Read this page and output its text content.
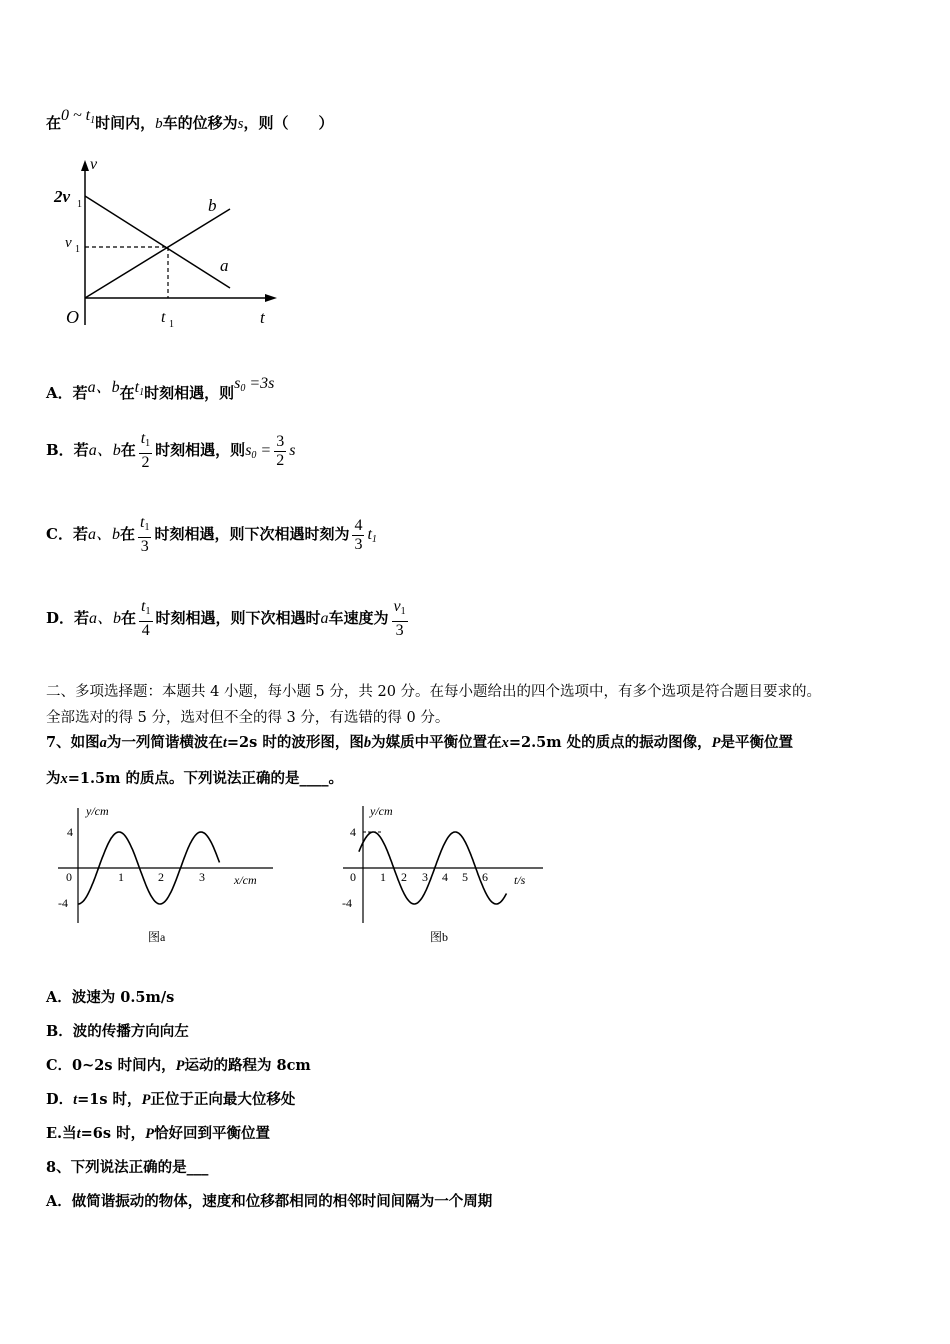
在0 ~ $t_1$时间内，b车的位移为s，则（　　）
v
t
O
2v 1
v 1
t 1
b
a
A．若a、b在$t_1$时刻相遇，则$s_0 =3s$
B．若a、b在 $\frac{t_1}{2}$ 时刻相遇，则$s_0 = \frac{3}{2}$ s
C．若a、b在 $\frac{t_1}{3}$ 时刻相遇，则下次相遇时刻为 $\frac{4}{3} t_1$
D．若a、b在 $\frac{t_1}{4}$ 时刻相遇，则下次相遇时a车速度为 $\frac{v_1}{3}$
二、多项选择题：本题共 4 小题，每小题 5 分，共 20 分。在每小题给出的四个选项中，有多个选项是符合题目要求的。
全部选对的得 5 分，选对但不全的得 3 分，有选错的得 0 分。
7、如图a为一列简谐横波在t=2s 时的波形图，图b为媒质中平衡位置在x=2.5m 处的质点的振动图像，P是平衡位置
为x=1.5m 的质点。下列说法正确的是____。
y/cm
x/cm
4
-4
0	1	2	3
图a
y/cm
t/s
4
-4
0 1 2 3 4 5 6
图b
A．波速为 0.5m/s
B．波的传播方向向左
C．0~2s 时间内，P运动的路程为 8cm
D．t=1s 时，P正位于正向最大位移处
E.当t=6s 时，P恰好回到平衡位置
8、下列说法正确的是___
A．做简谐振动的物体，速度和位移都相同的相邻时间间隔为一个周期
